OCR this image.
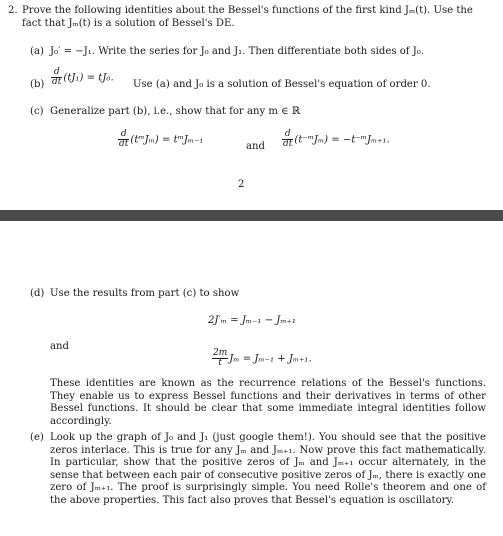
2. Prove the following identities about the Bessel's functions of the first kind Jₘ(t). Use the
fact that Jₘ(t) is a solution of Bessel's DE.
(a) J₀′ = −J₁. Write the series for J₀ and J₁. Then differentiate both sides of J₀.
$(b) \frac{d}{dt} (tJ_1) = tJ_0$.
Use (a) and J₀ is a solution of Bessel's equation of order 0.
(c) Generalize part (b), i.e., show that for any m ∈ ℝ
$\frac{d}{dt}$ (tᵐJₘ) = tᵐJₘ₋₁
and $\frac{d}{dt}$ (t⁻ᵐJₘ) = −t⁻ᵐJₘ₊₁.
2
(d) Use the results from part (c) to show
2J′ₘ = Jₘ₋₁ − Jₘ₊₁
and
$\frac{2m}{t}$ Jₘ = Jₘ₋₁ + Jₘ₊₁.
These identities are known as the recurrence relations of the Bessel's functions. They enable us to express Bessel functions and their derivatives in terms of other Bessel functions. It should be clear that some immediate integral identities follow accordingly.
(e) Look up the graph of J₀ and J₁ (just google them!). You should see that the positive zeros interlace. This is true for any Jₘ and Jₘ₊₁. Now prove this fact mathematically. In particular, show that the positive zeros of Jₘ and Jₘ₊₁ occur alternately, in the sense that between each pair of consecutive positive zeros of Jₘ, there is exactly one zero of Jₘ₊₁. The proof is surprisingly simple. You need Rolle's theorem and one of the above properties. This fact also proves that Bessel's equation is oscillatory.
